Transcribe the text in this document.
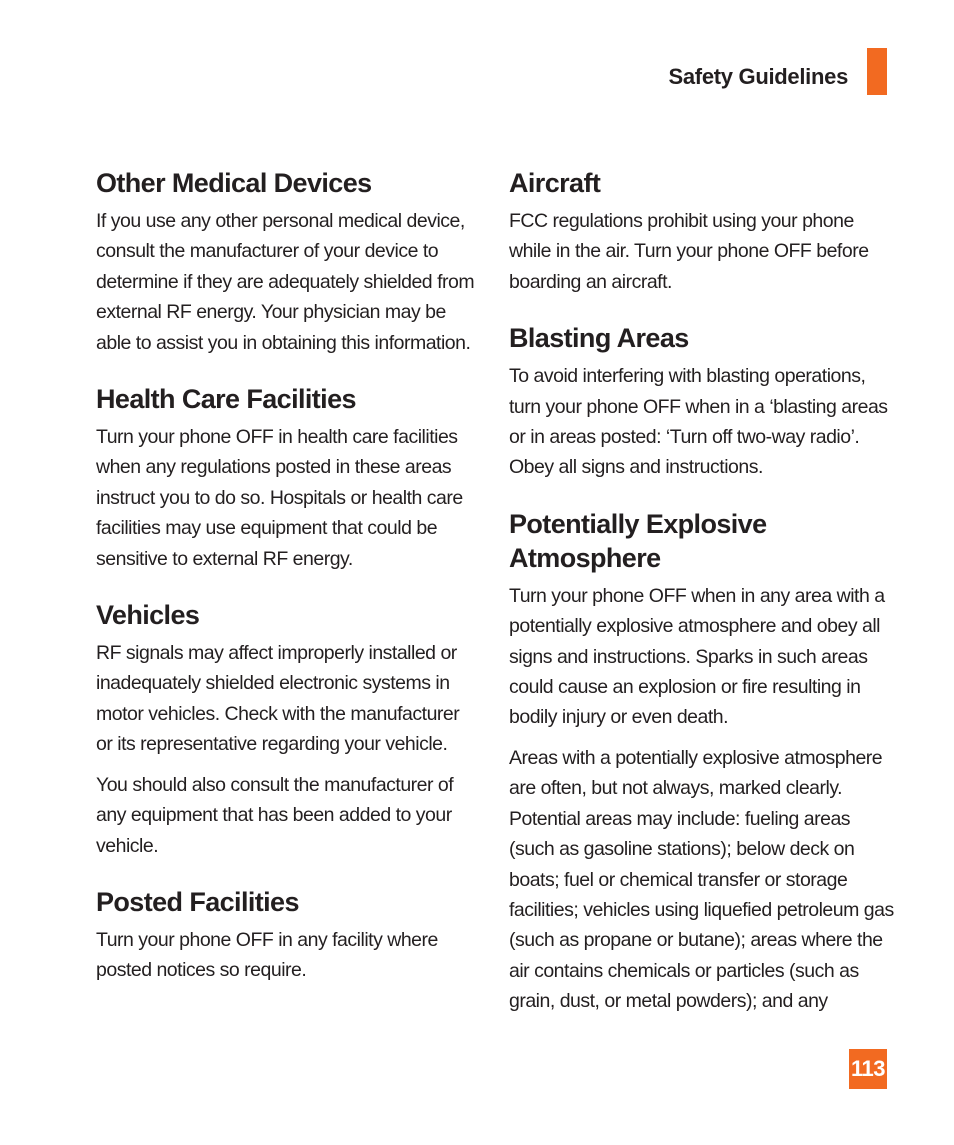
Safety Guidelines
Other Medical Devices

If you use any other personal medical device, consult the manufacturer of your device to determine if they are adequately shielded from external RF energy. Your physician may be able to assist you in obtaining this information.

Health Care Facilities

Turn your phone OFF in health care facilities when any regulations posted in these areas instruct you to do so. Hospitals or health care facilities may use equipment that could be sensitive to external RF energy.

Vehicles

RF signals may affect improperly installed or inadequately shielded electronic systems in motor vehicles. Check with the manufacturer or its representative regarding your vehicle.

You should also consult the manufacturer of any equipment that has been added to your vehicle.

Posted Facilities

Turn your phone OFF in any facility where posted notices so require.

Aircraft

FCC regulations prohibit using your phone while in the air. Turn your phone OFF before boarding an aircraft.

Blasting Areas

To avoid interfering with blasting operations, turn your phone OFF when in a ‘blasting areas or in areas posted: ‘Turn off two-way radio’. Obey all signs and instructions.

Potentially Explosive
Atmosphere

Turn your phone OFF when in any area with a potentially explosive atmosphere and obey all signs and instructions. Sparks in such areas could cause an explosion or fire resulting in bodily injury or even death.

Areas with a potentially explosive atmosphere are often, but not always, marked clearly. Potential areas may include: fueling areas (such as gasoline stations); below deck on boats; fuel or chemical transfer or storage facilities; vehicles using liquefied petroleum gas (such as propane or butane); areas where the air contains chemicals or particles (such as grain, dust, or metal powders); and any

113
